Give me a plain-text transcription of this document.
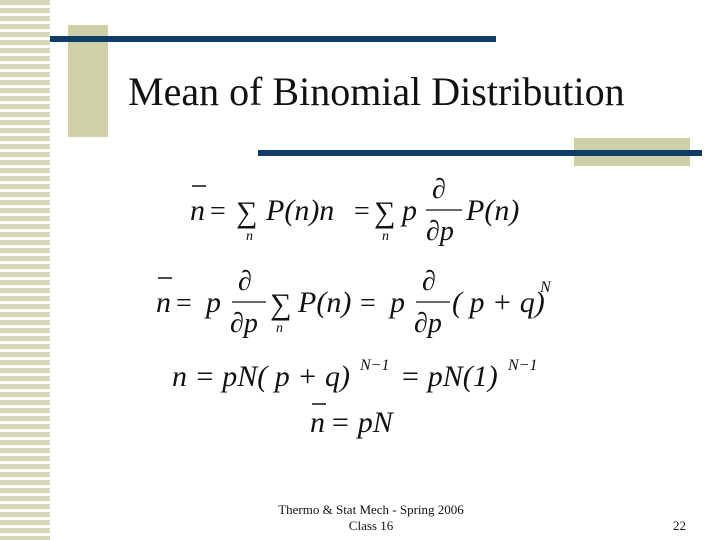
Mean of Binomial Distribution
n = ∑
n
P(n)n = ∑
n
p
∂
∂p
P(n)
n = p
∂
∂p
∑
n
P(n) = p
∂
∂p
( p + q)
N
n = pN( p + q) N−1 = pN(1) N−1
n = pN
Thermo & Stat Mech - Spring 2006
Class 16	22
